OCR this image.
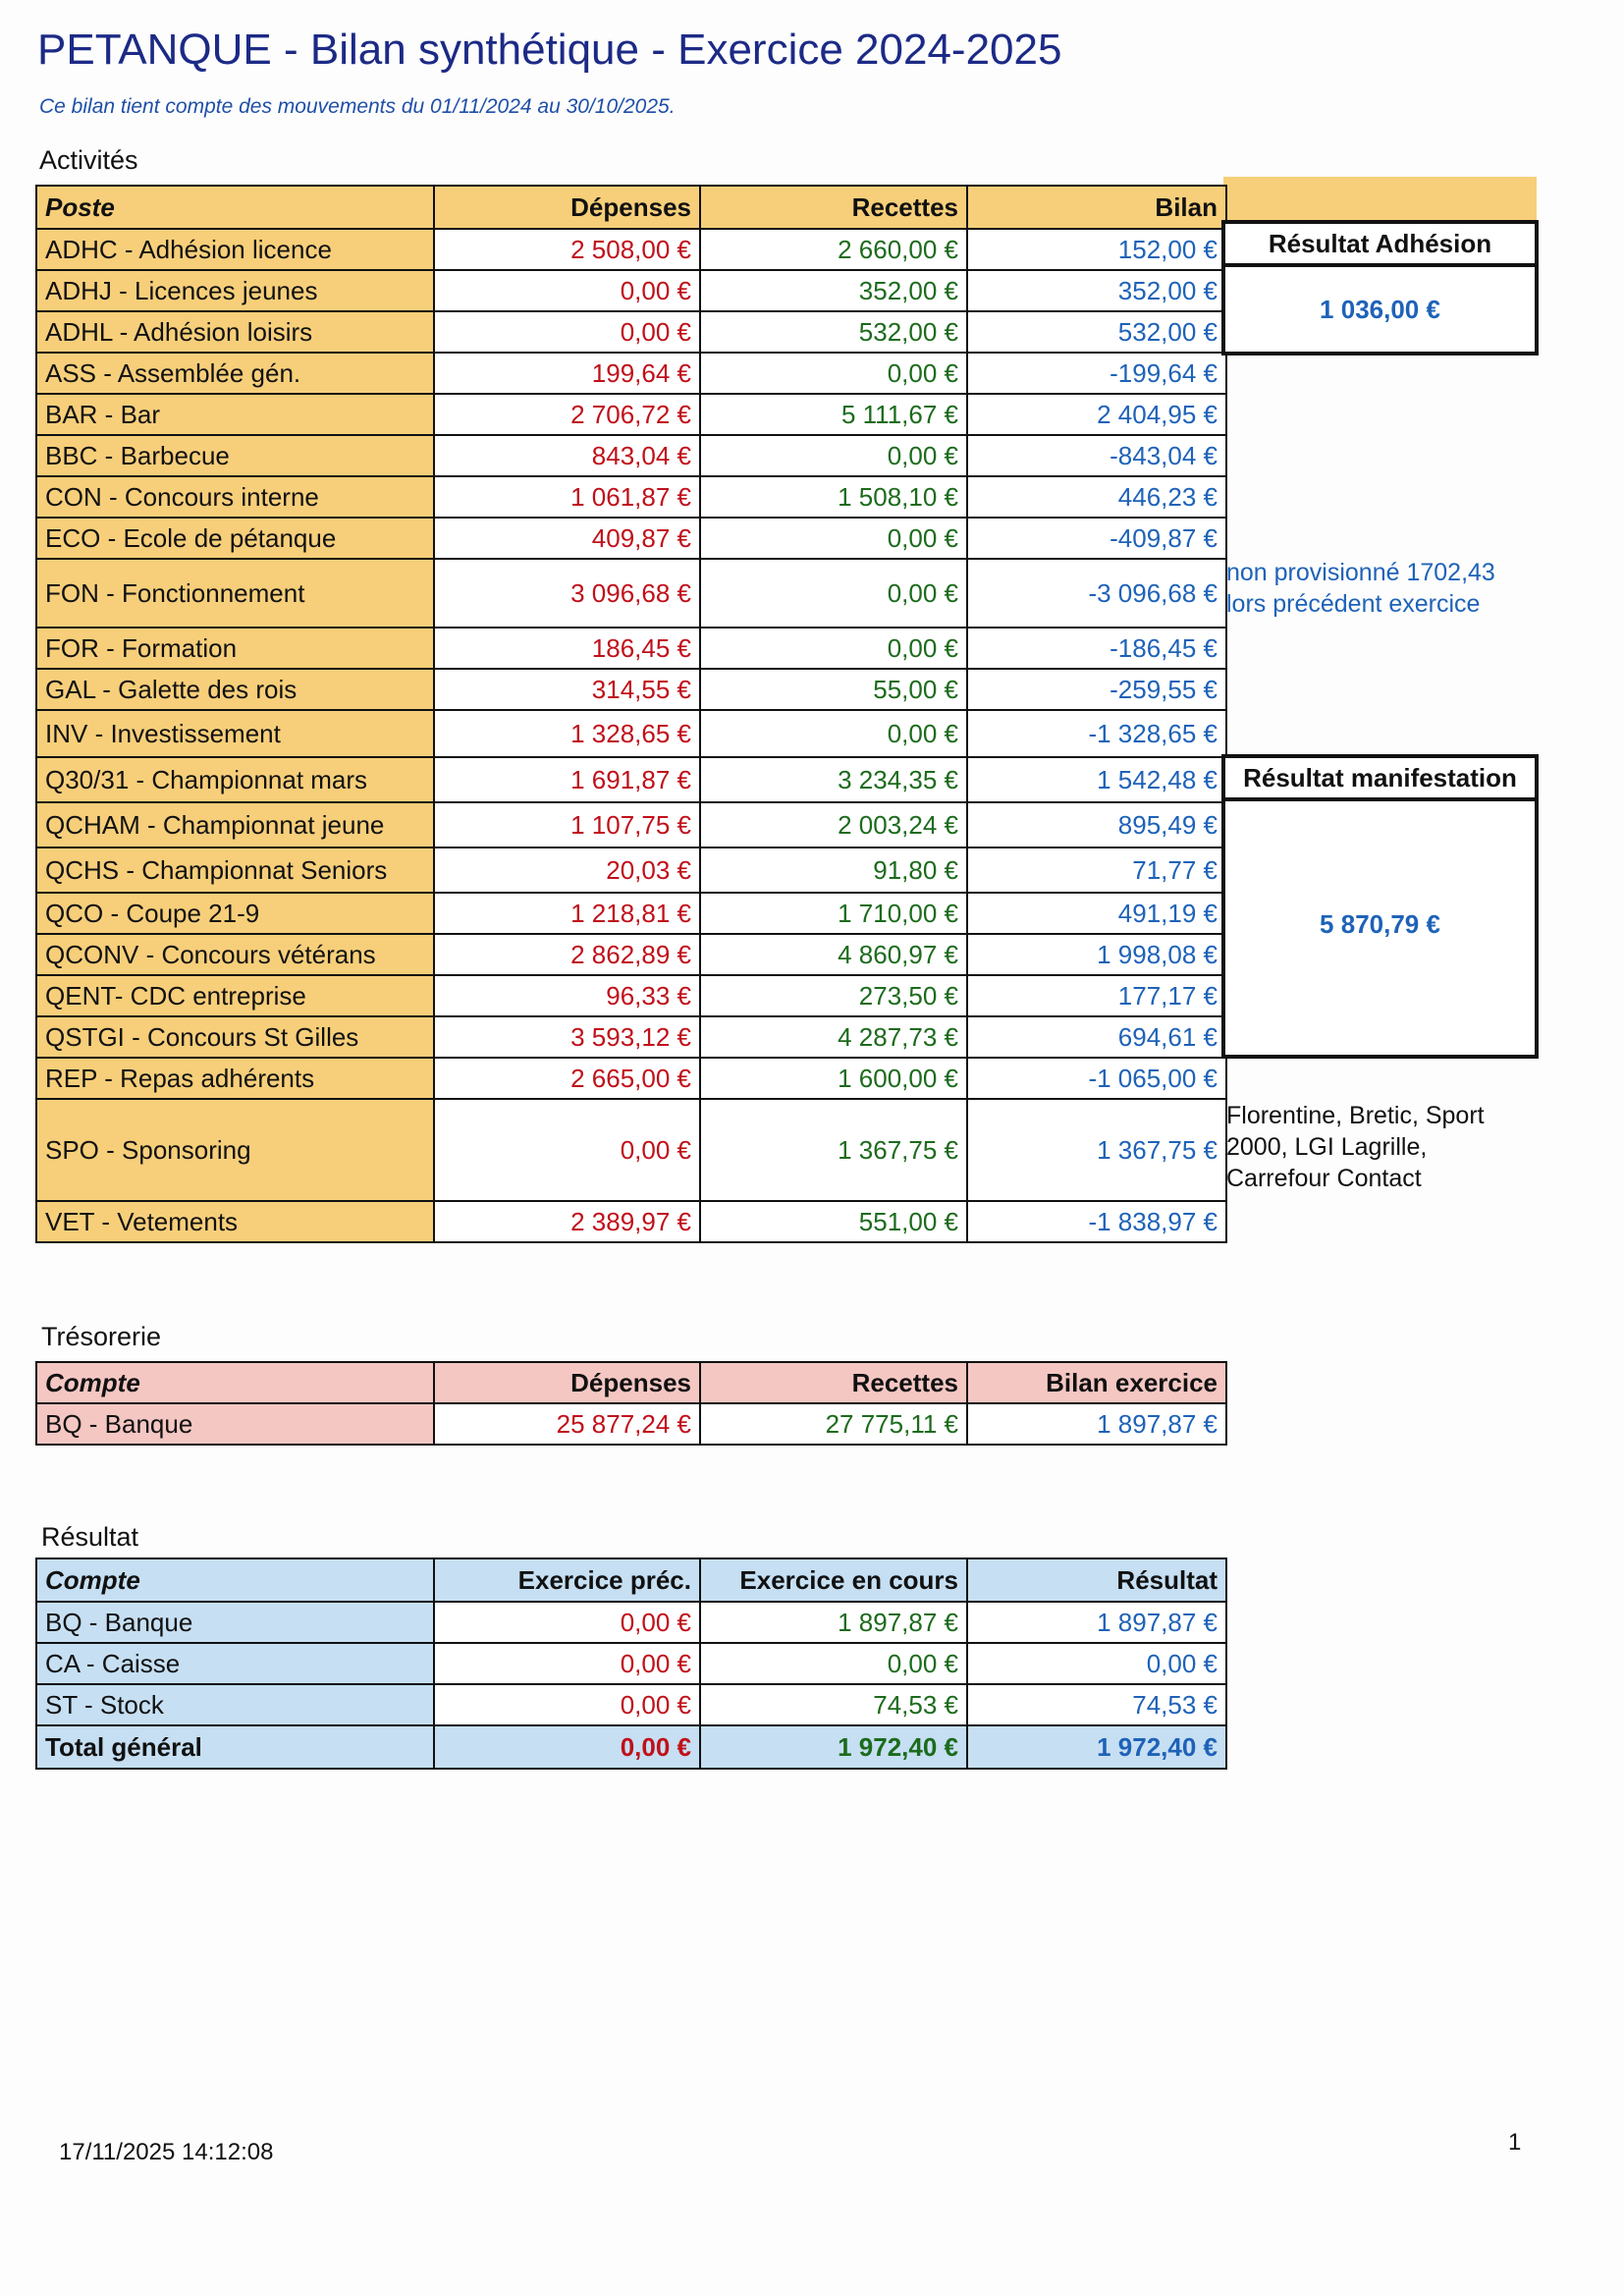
PETANQUE - Bilan synthétique - Exercice 2024-2025
Ce bilan tient compte des mouvements du 01/11/2024 au 30/10/2025.
Activités
Poste	Dépenses	Recettes	Bilan
ADHC - Adhésion licence	2 508,00 €	2 660,00 €	152,00 €
ADHJ - Licences jeunes	0,00 €	352,00 €	352,00 €
ADHL - Adhésion loisirs	0,00 €	532,00 €	532,00 €
ASS - Assemblée gén.	199,64 €	0,00 €	-199,64 €
BAR - Bar	2 706,72 €	5 111,67 €	2 404,95 €
BBC - Barbecue	843,04 €	0,00 €	-843,04 €
CON - Concours interne	1 061,87 €	1 508,10 €	446,23 €
ECO - Ecole de pétanque	409,87 €	0,00 €	-409,87 €
FON - Fonctionnement	3 096,68 €	0,00 €	-3 096,68 €
FOR - Formation	186,45 €	0,00 €	-186,45 €
GAL - Galette des rois	314,55 €	55,00 €	-259,55 €
INV - Investissement	1 328,65 €	0,00 €	-1 328,65 €
Q30/31 - Championnat mars	1 691,87 €	3 234,35 €	1 542,48 €
QCHAM - Championnat jeune	1 107,75 €	2 003,24 €	895,49 €
QCHS - Championnat Seniors	20,03 €	91,80 €	71,77 €
QCO - Coupe 21-9	1 218,81 €	1 710,00 €	491,19 €
QCONV - Concours vétérans	2 862,89 €	4 860,97 €	1 998,08 €
QENT- CDC entreprise	96,33 €	273,50 €	177,17 €
QSTGI - Concours St Gilles	3 593,12 €	4 287,73 €	694,61 €
REP - Repas adhérents	2 665,00 €	1 600,00 €	-1 065,00 €
SPO - Sponsoring	0,00 €	1 367,75 €	1 367,75 €
VET - Vetements	2 389,97 €	551,00 €	-1 838,97 €
Résultat Adhésion
1 036,00 €
Résultat manifestation
5 870,79 €
non provisionné 1702,43
lors précédent exercice
Florentine, Bretic, Sport
2000, LGI Lagrille,
Carrefour Contact
Trésorerie
Compte	Dépenses	Recettes	Bilan exercice
BQ - Banque	25 877,24 €	27 775,11 €	1 897,87 €
Résultat
Compte	Exercice préc.	Exercice en cours	Résultat
BQ - Banque	0,00 €	1 897,87 €	1 897,87 €
CA - Caisse	0,00 €	0,00 €	0,00 €
ST - Stock	0,00 €	74,53 €	74,53 €
Total général	0,00 €	1 972,40 €	1 972,40 €
17/11/2025 14:12:08	1
